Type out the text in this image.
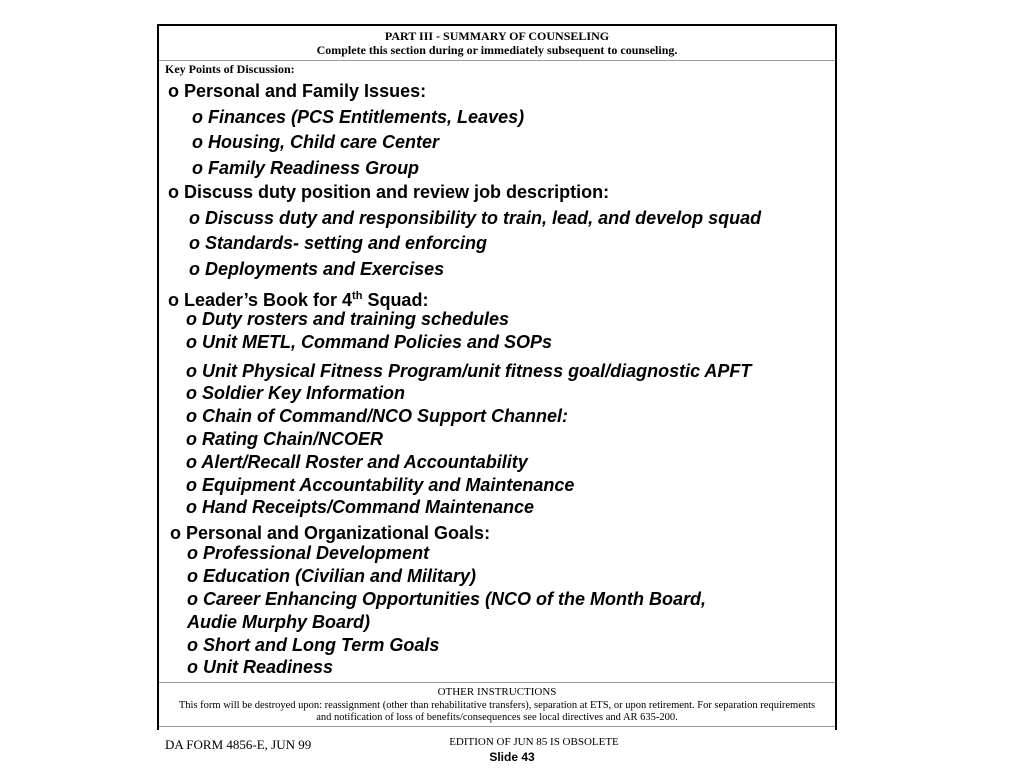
PART III - SUMMARY OF COUNSELING
Complete this section during or immediately subsequent to counseling.
Key Points of Discussion:
o Personal and Family Issues:
o Finances (PCS Entitlements, Leaves)
o Housing, Child care Center
o Family Readiness Group
o Discuss duty position and review job description:
o Discuss duty and responsibility to train, lead, and develop squad
o Standards- setting and enforcing
o Deployments and Exercises
o Leader’s Book for 4th Squad:
o Duty rosters and training schedules
o Unit METL, Command Policies and SOPs
o Unit Physical Fitness Program/unit fitness goal/diagnostic APFT
o Soldier Key Information
o Chain of Command/NCO Support Channel:
o Rating Chain/NCOER
o Alert/Recall Roster and Accountability
o Equipment Accountability and Maintenance
o Hand Receipts/Command Maintenance
o Personal and Organizational Goals:
o Professional Development
o Education (Civilian and Military)
o Career Enhancing Opportunities (NCO of the Month Board,
Audie Murphy Board)
o Short and Long Term Goals
o Unit Readiness
OTHER INSTRUCTIONS
This form will be destroyed upon: reassignment (other than rehabilitative transfers), separation at ETS, or upon retirement. For separation requirements and notification of loss of benefits/consequences see local directives and AR 635-200.
DA FORM 4856-E, JUN 99	EDITION OF JUN 85 IS OBSOLETE
Slide 43
